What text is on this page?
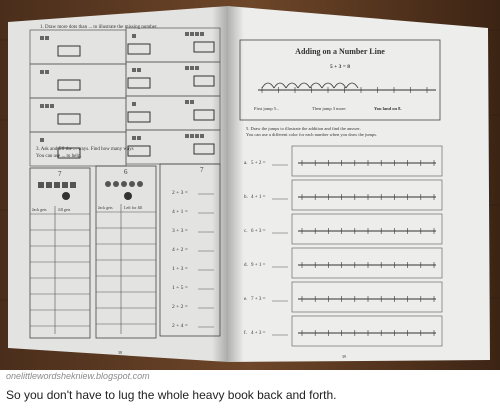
1. Draw more dots than ... to illustrate the missing number.
3. Ask and fill the ... ways. Find how many ways
You can use ... to help.
7	6	7
Jack gets	Jill gets	Jack gets	Left for Jill
2 + 3 =
4 + 1 =
3 + 3 =
4 + 2 =
1 + 3 =
1 + 5 =
2 + 2 =
2 + 4 =
38
Adding on a Number Line
5 + 3 = 8
First jump 5...	Then jump 3 more.	You land on 8.
5. Draw the jumps to illustrate the addition and find the answer.
You can use a different color for each number when you draw the jumps.
a. 5 + 2 =
b. 4 + 1 =
c. 6 + 3 =
d. 9 + 1 =
e. 7 + 3 =
f. 4 + 3 =
39
onelittlewordshekniew.blogspot.com
So you don't have to lug the whole heavy book back and forth.
